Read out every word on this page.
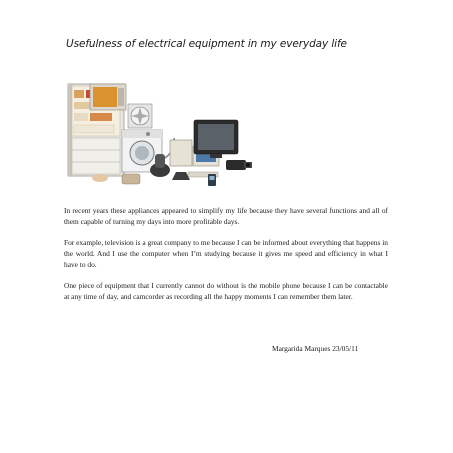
Usefulness of electrical equipment in my everyday life
In recent years these appliances appeared to simplify my life because they have several functions and all of them capable of turning my days into more profitable days.
For example, television is a great company to me because I can be informed about everything that happens in the world. And I use the computer when I’m studying because it gives me speed and efficiency in what I have to do.
One piece of equipment that I currently cannot do without is the mobile phone because I can be contactable at any time of day, and camcorder as recording all the happy moments I can remember them later.
Margarida Marques 23/05/11
